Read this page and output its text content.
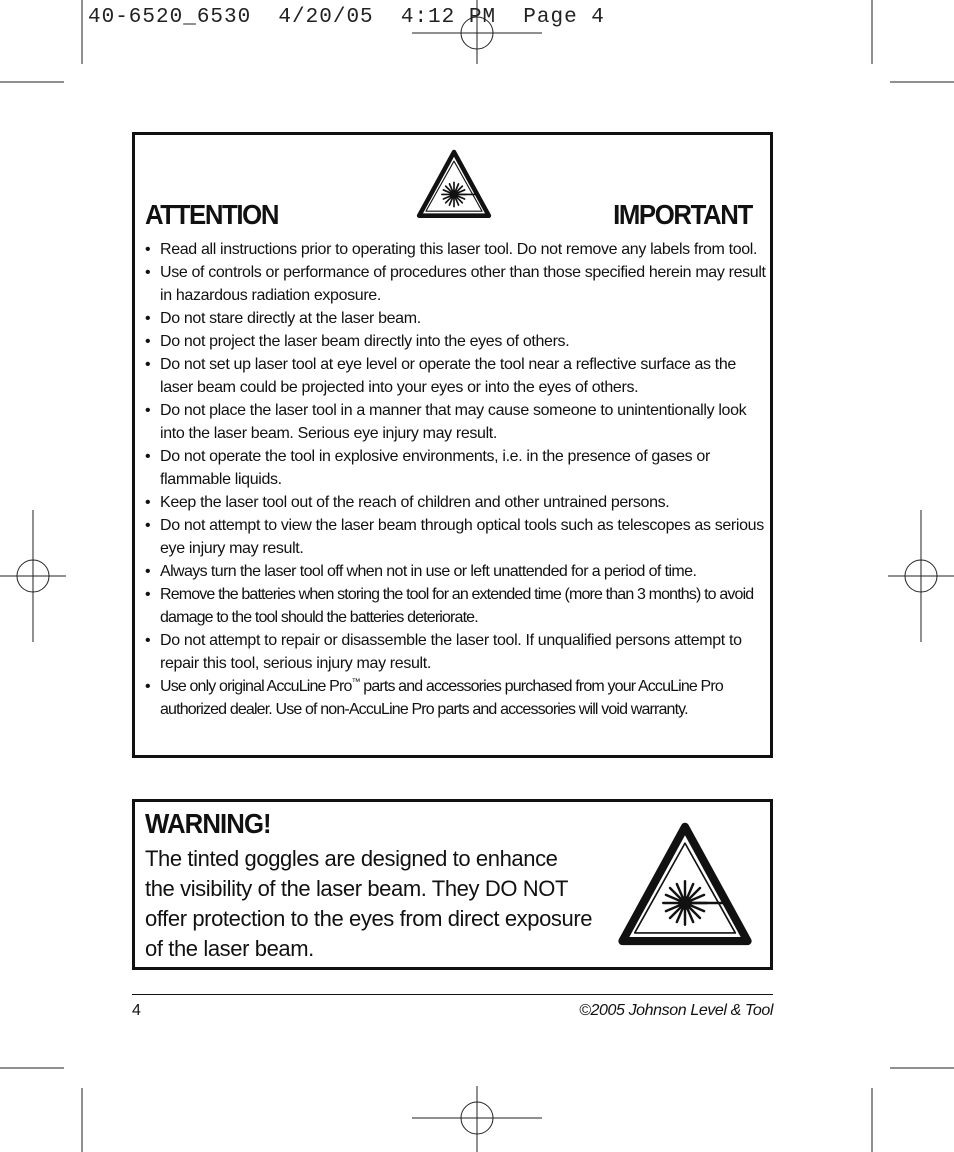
40-6520_6530  4/20/05  4:12 PM  Page 4
ATTENTION	IMPORTANT
• Read all instructions prior to operating this laser tool. Do not remove any labels from tool.
• Use of controls or performance of procedures other than those specified herein may result in hazardous radiation exposure.
• Do not stare directly at the laser beam.
• Do not project the laser beam directly into the eyes of others.
• Do not set up laser tool at eye level or operate the tool near a reflective surface as the laser beam could be projected into your eyes or into the eyes of others.
• Do not place the laser tool in a manner that may cause someone to unintentionally look into the laser beam. Serious eye injury may result.
• Do not operate the tool in explosive environments, i.e. in the presence of gases or flammable liquids.
• Keep the laser tool out of the reach of children and other untrained persons.
• Do not attempt to view the laser beam through optical tools such as telescopes as serious eye injury may result.
• Always turn the laser tool off when not in use or left unattended for a period of time.
• Remove the batteries when storing the tool for an extended time (more than 3 months) to avoid damage to the tool should the batteries deteriorate.
• Do not attempt to repair or disassemble the laser tool. If unqualified persons attempt to repair this tool, serious injury may result.
• Use only original AccuLine Pro™ parts and accessories purchased from your AccuLine Pro authorized dealer. Use of non-AccuLine Pro parts and accessories will void warranty.
WARNING!
The tinted goggles are designed to enhance
the visibility of the laser beam. They DO NOT
offer protection to the eyes from direct exposure
of the laser beam.
4	©2005 Johnson Level & Tool
